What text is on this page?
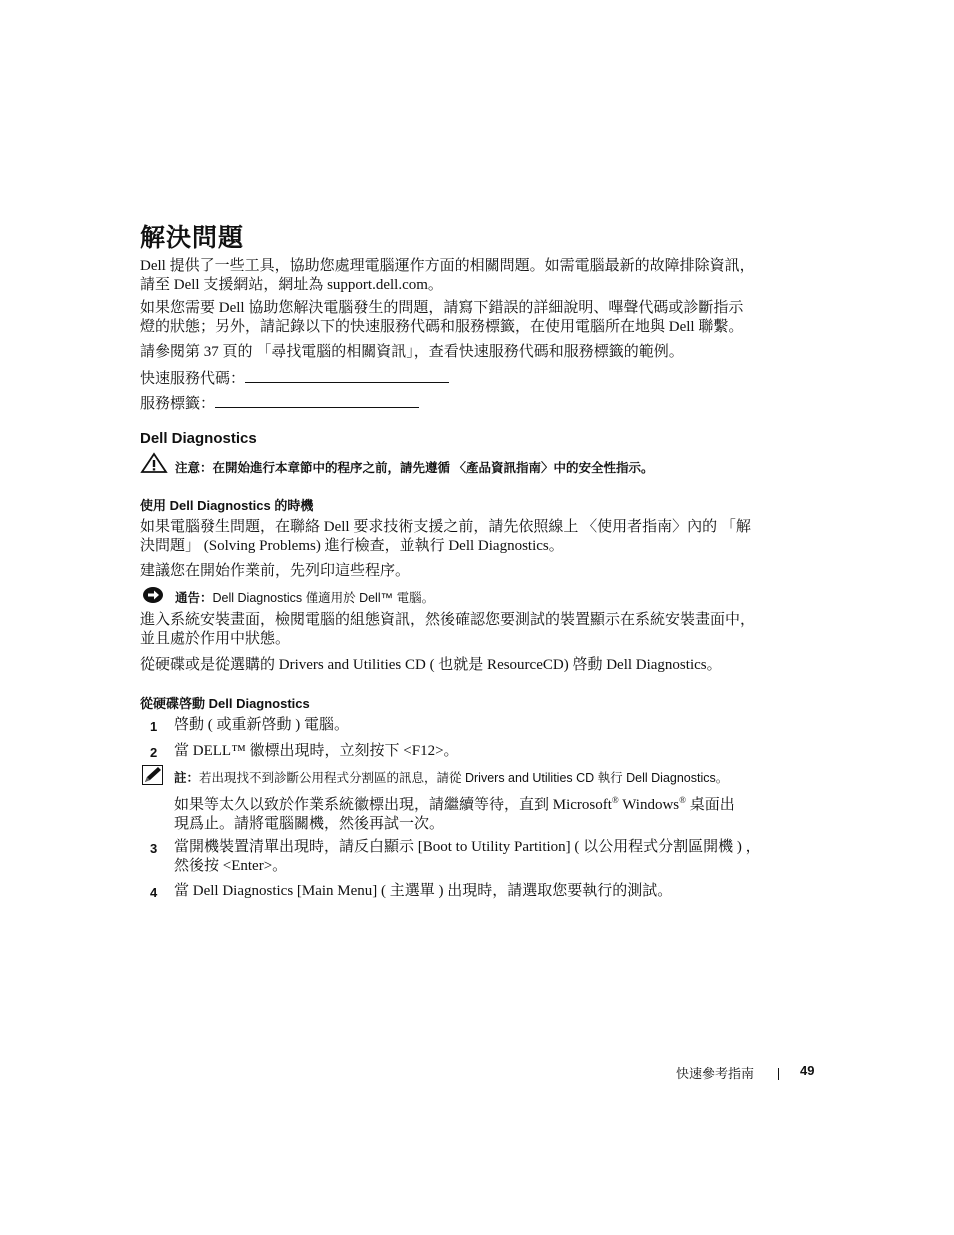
解決問題
Dell 提供了一些工具，協助您處理電腦運作方面的相關問題。如需電腦最新的故障排除資訊，
請至 Dell 支援網站，網址為 support.dell.com。
如果您需要 Dell 協助您解決電腦發生的問題，請寫下錯誤的詳細說明、嗶聲代碼或診斷指示
燈的狀態；另外，請記錄以下的快速服務代碼和服務標籤，在使用電腦所在地與 Dell 聯繫。
請參閱第 37 頁的 「尋找電腦的相關資訊」，查看快速服務代碼和服務標籤的範例。
快速服務代碼：
服務標籤：
Dell Diagnostics
注意：在開始進行本章節中的程序之前，請先遵循 〈產品資訊指南〉中的安全性指示。
使用 Dell Diagnostics 的時機
如果電腦發生問題，在聯絡 Dell 要求技術支援之前，請先依照線上 〈使用者指南〉內的 「解
決問題」 (Solving Problems) 進行檢查，並執行 Dell Diagnostics。
建議您在開始作業前，先列印這些程序。
通告：Dell Diagnostics 僅適用於 Dell™ 電腦。
進入系統安裝畫面，檢閱電腦的組態資訊，然後確認您要測試的裝置顯示在系統安裝畫面中，
並且處於作用中狀態。
從硬碟或是從選購的 Drivers and Utilities CD ( 也就是 ResourceCD) 啓動 Dell Diagnostics。
從硬碟啓動 Dell Diagnostics
1 啓動 ( 或重新啓動 ) 電腦。
2 當 DELL™ 徽標出現時，立刻按下 <F12>。
註：若出現找不到診斷公用程式分割區的訊息，請從 Drivers and Utilities CD 執行 Dell Diagnostics。
如果等太久以致於作業系統徽標出現，請繼續等待，直到 Microsoft® Windows® 桌面出
現爲止。請將電腦關機，然後再試一次。
3 當開機裝置清單出現時，請反白顯示 [Boot to Utility Partition] ( 以公用程式分割區開機 ) ，
然後按 <Enter>。
4 當 Dell Diagnostics [Main Menu] ( 主選單 ) 出現時，請選取您要執行的測試。
快速參考指南	49
